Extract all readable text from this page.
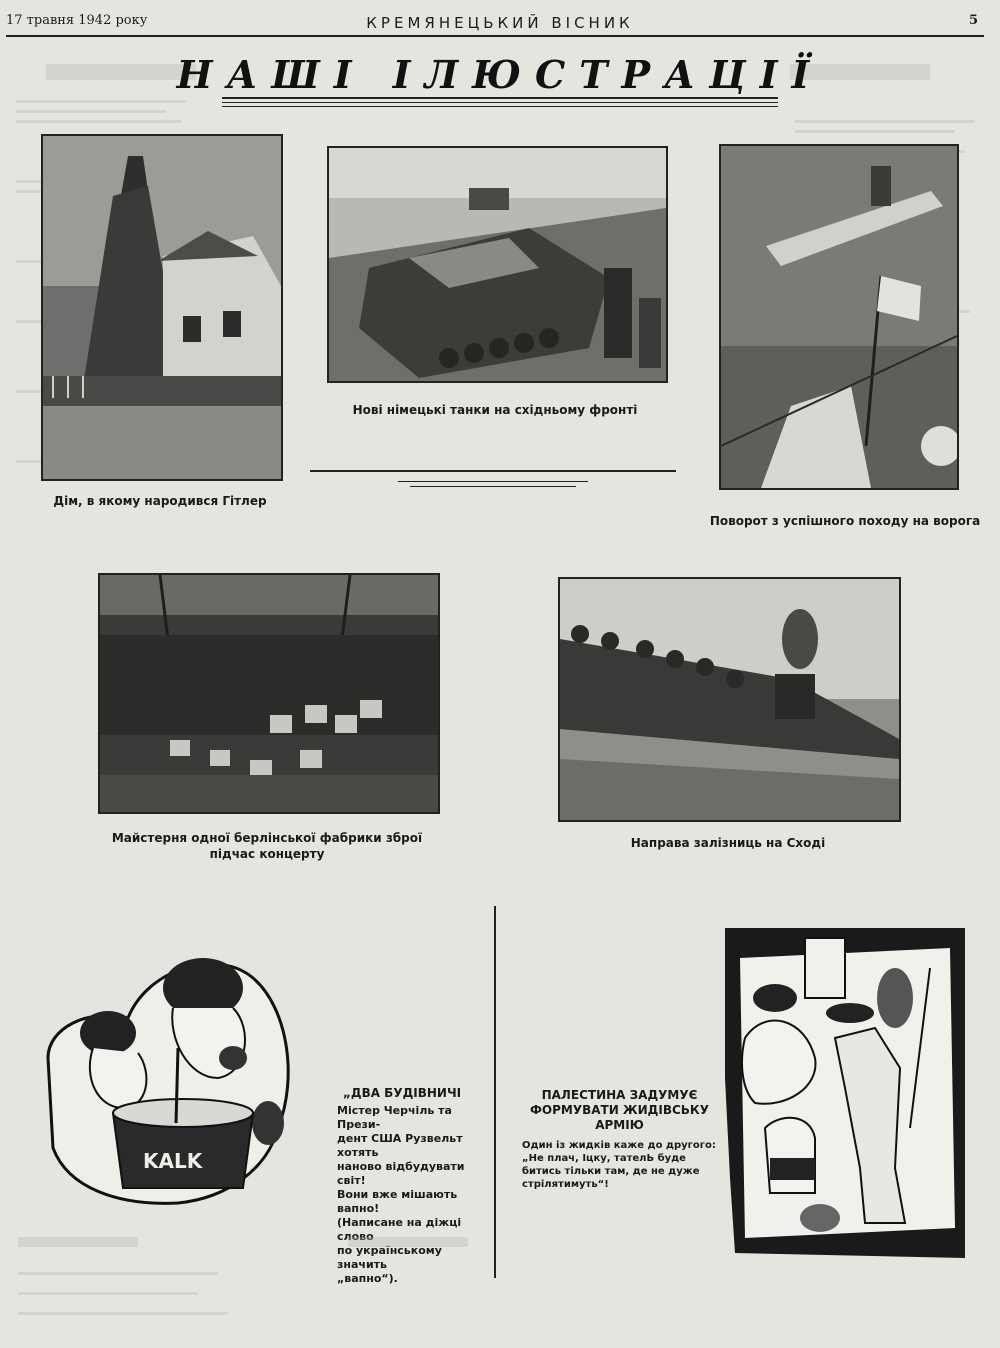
17 травня 1942 року	КРЕМЯНЕЦЬКИЙ ВІСНИК	5
НАШІ ІЛЮСТРАЦІЇ
Дім, в якому народився Гітлер
Нові німецькі танки на східньому фронті
Поворот з успішного походу на ворога
Майстерня одної берлінської фабрики зброї
підчас концерту
Направа залізниць на Сході
KALK
„ДВА БУДІВНИЧІ
Містер Черчіль та Прези-
дент США Рузвельт хотять
наново відбудувати світ!
Вони вже мішають вапно!
(Написане на діжці слово
по українському значить
„вапно“).
ПАЛЕСТИНА ЗАДУМУЄ
ФОРМУВАТИ ЖИДІВСЬКУ
АРМІЮ
Один із жидків каже до другого:
„Не плач, Іцку, тателЬ буде
битись тільки там, де не дуже
стрілятимуть“!
